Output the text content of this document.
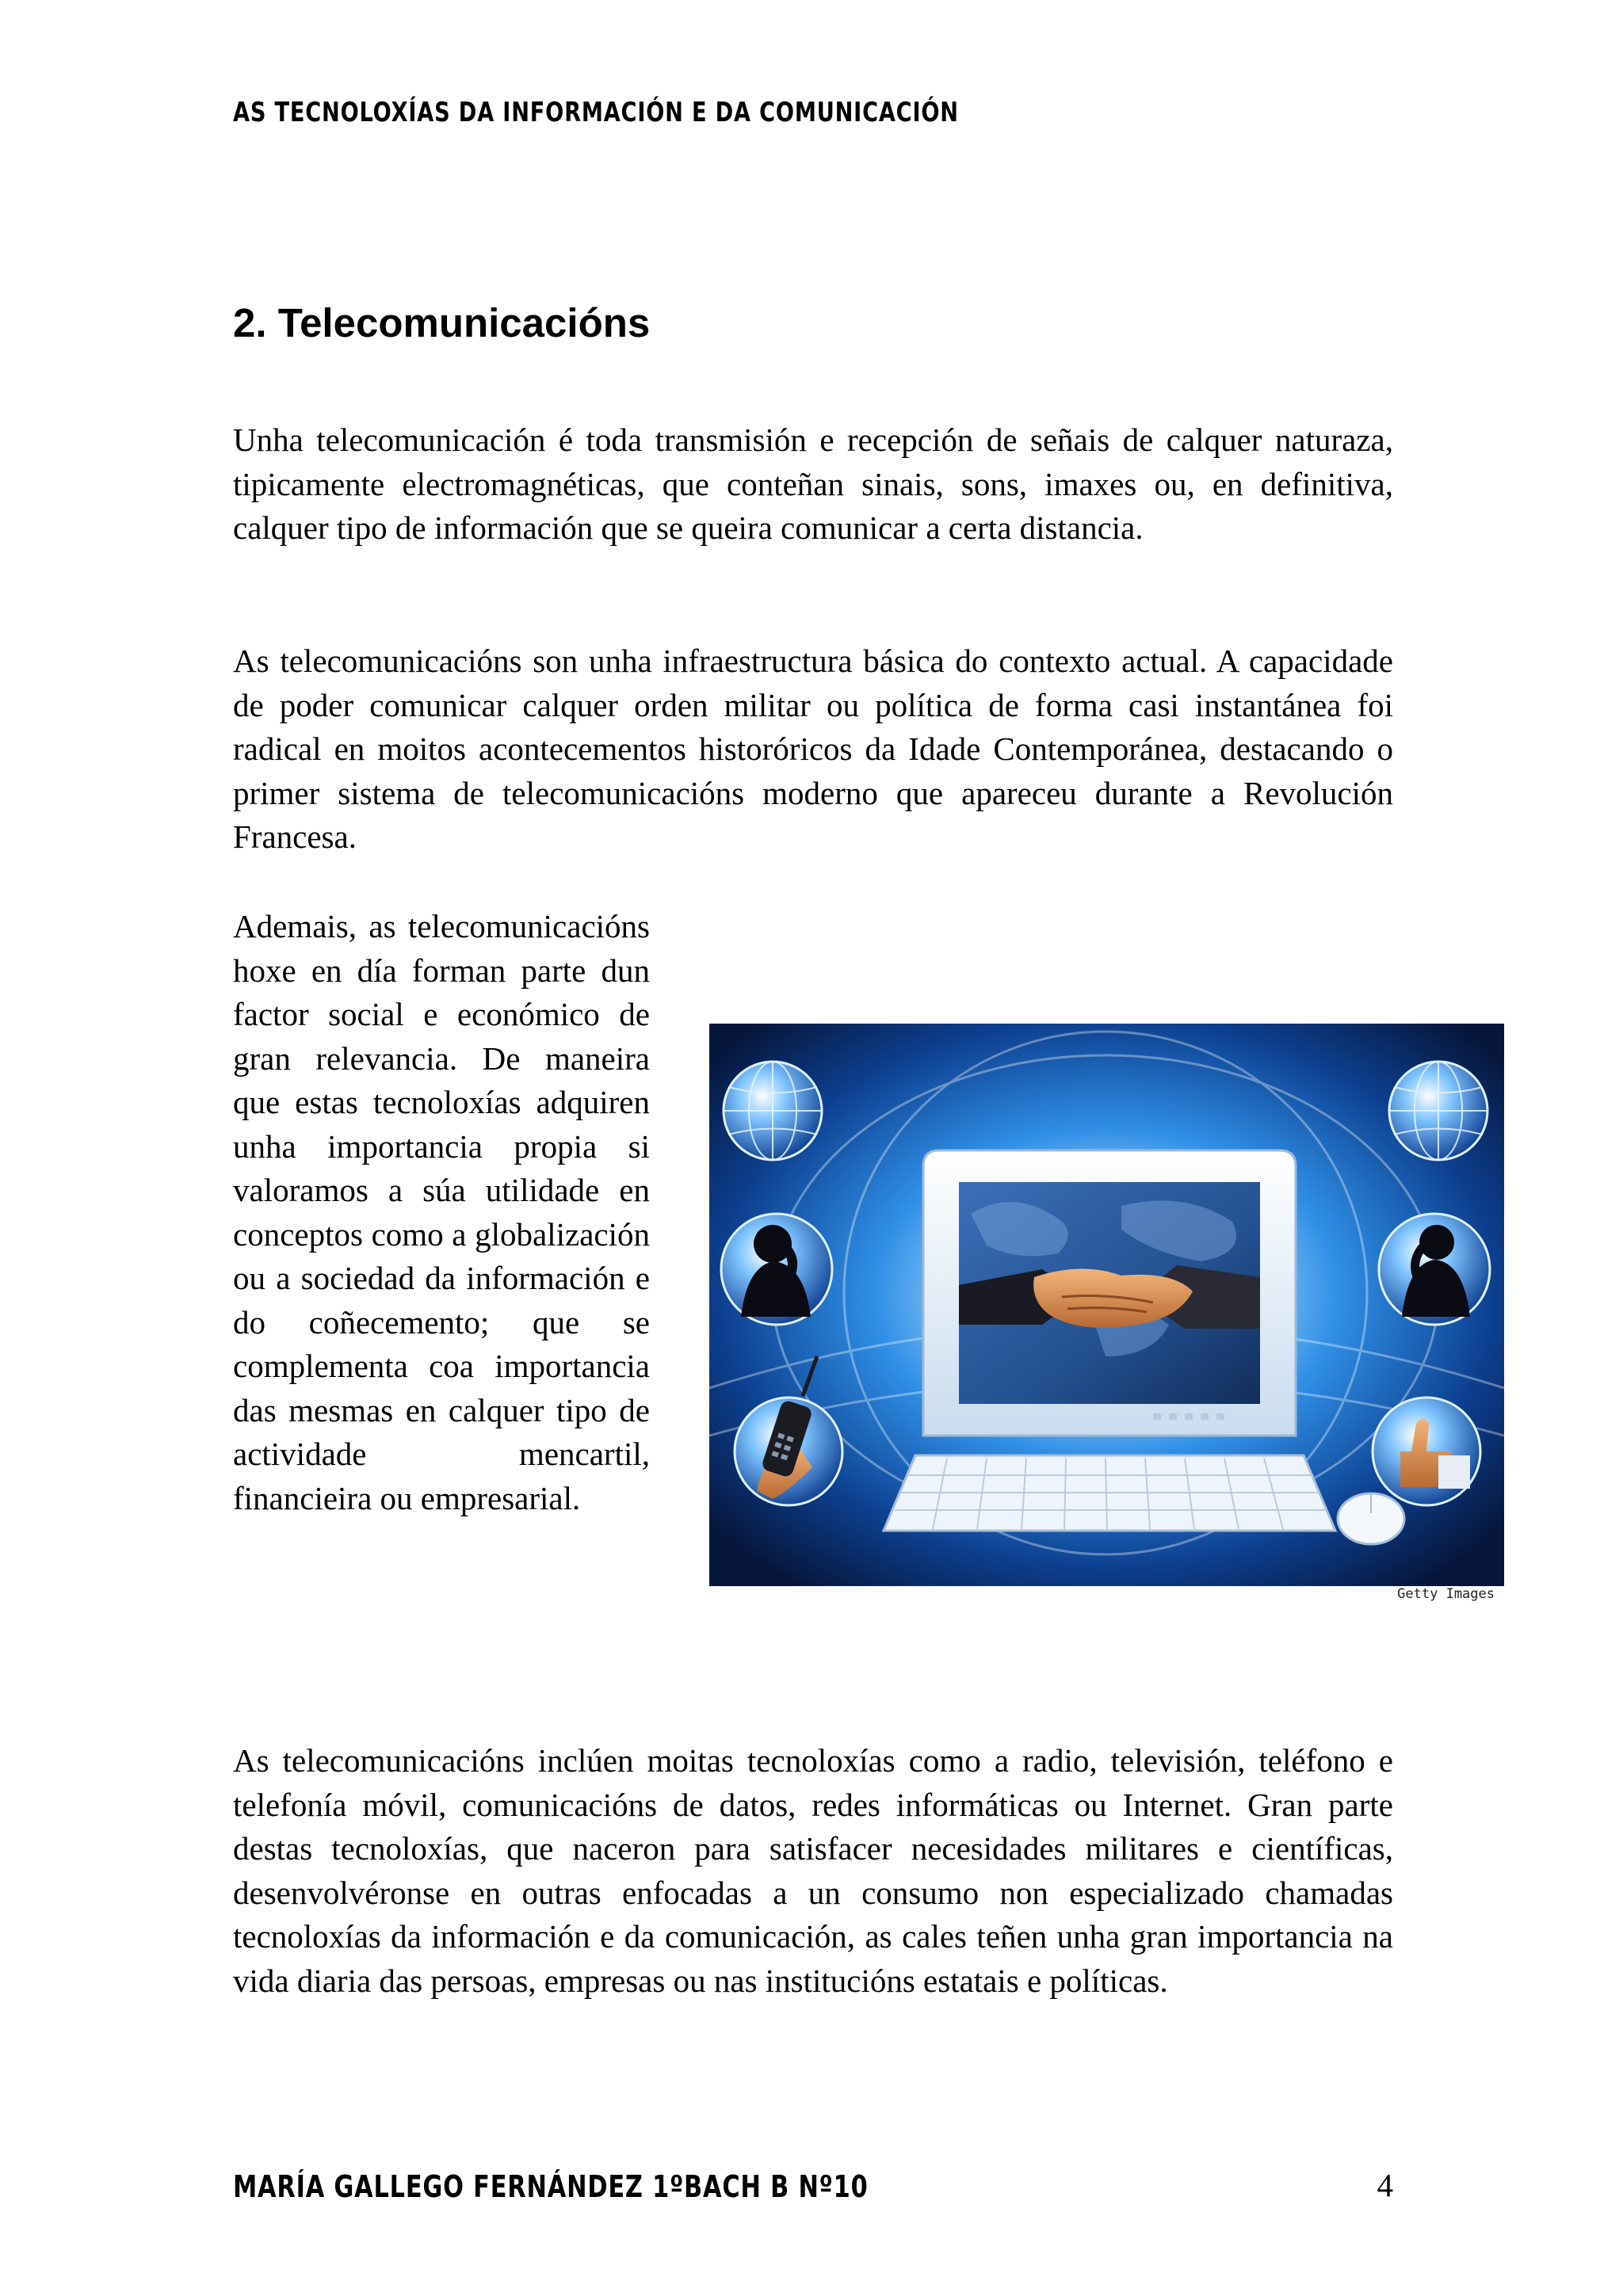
AS TECNOLOXÍAS DA INFORMACIÓN E DA COMUNICACIÓN
2. Telecomunicacións

Unha telecomunicación é toda transmisión e recepción de señais de calquer naturaza, tipicamente electromagnéticas, que conteñan sinais, sons, imaxes ou, en definitiva, calquer tipo de información que se queira comunicar a certa distancia.

As telecomunicacións son unha infraestructura básica do contexto actual. A capacidade de poder comunicar calquer orden militar ou política de forma casi instantánea foi radical en moitos acontecementos historóricos da Idade Contemporánea, destacando o primer sistema de telecomunicacións moderno que apareceu durante a Revolución Francesa.

Ademais, as telecomunicacións hoxe en día forman parte dun factor social e económico de gran relevancia. De maneira que estas tecnoloxías adquiren unha importancia propia si valoramos a súa utilidade en conceptos como a globalización ou a sociedad da información e do coñecemento; que se complementa coa importancia das mesmas en calquer tipo de actividade mencartil, financieira ou empresarial.

Getty Images

As telecomunicacións inclúen moitas tecnoloxías como a radio, televisión, teléfono e telefonía móvil, comunicacións de datos, redes informáticas ou Internet. Gran parte destas tecnoloxías, que naceron para satisfacer necesidades militares e científicas, desenvolvéronse en outras enfocadas a un consumo non especializado chamadas tecnoloxías da información e da comunicación, as cales teñen unha gran importancia na vida diaria das persoas, empresas ou nas institucións estatais e políticas.

MARÍA GALLEGO FERNÁNDEZ 1ºBACH B Nº10	4
